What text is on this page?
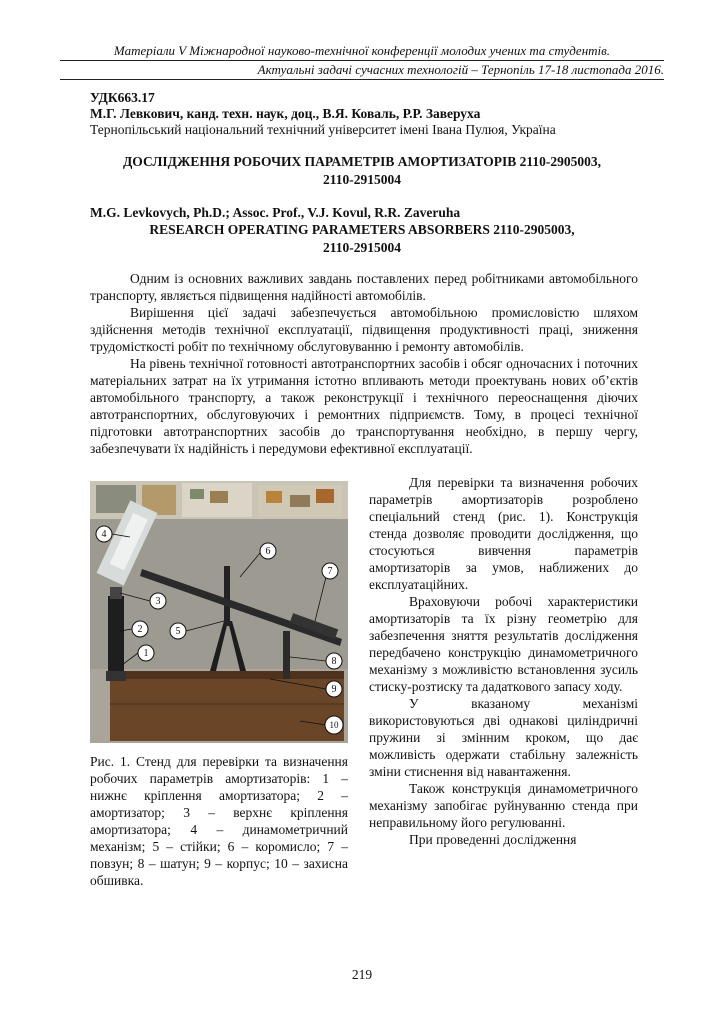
Матеріали V Міжнародної науково-технічної конференції молодих учених та студентів.
Актуальні задачі сучасних технологій – Тернопіль 17-18 листопада 2016.
УДК663.17
М.Г. Левкович, канд. техн. наук, доц., В.Я. Коваль, Р.Р. Заверуха
Тернопільський національний технічний університет імені Івана Пулюя, Україна
ДОСЛІДЖЕННЯ РОБОЧИХ ПАРАМЕТРІВ АМОРТИЗАТОРІВ 2110-2905003,
2110-2915004
M.G. Levkovych, Ph.D.; Assoc. Prof., V.J. Kovul, R.R. Zaveruha
RESEARCH OPERATING PARAMETERS ABSORBERS 2110-2905003,
2110-2915004

Одним із основних важливих завдань поставлених перед робітниками автомобільного транспорту, являється підвищення надійності автомобілів.

Вирішення цієї задачі забезпечується автомобільною промисловістю шляхом здійснення методів технічної експлуатації, підвищення продуктивності праці, зниження трудомісткості робіт по технічному обслуговуванню і ремонту автомобілів.

На рівень технічної готовності автотранспортних засобів і обсяг одночасних і поточних матеріальних затрат на їх утримання істотно впливають методи проектувань нових об’єктів автомобільного транспорту, а також реконструкції і технічного переоснащення діючих автотранспортних, обслуговуючих і ремонтних підприємств. Тому, в процесі технічної підготовки автотранспортних засобів до транспортування необхідно, в першу чергу, забезпечувати їх надійність і передумови ефективної експлуатації.

4
6
7
3
2	5
1
8
9
10
Рис. 1. Стенд для перевірки та визначення робочих параметрів амортизаторів: 1 – нижнє кріплення амортизатора; 2 – амортизатор; 3 – верхнє кріплення амортизатора; 4 – динамометричний механізм; 5 – стійки; 6 – коромисло; 7 – повзун; 8 – шатун; 9 – корпус; 10 – захисна обшивка.

Для перевірки та визначення робочих параметрів амортизаторів розроблено спеціальний стенд (рис. 1). Конструкція стенда дозволяє проводити дослідження, що стосуються вивчення параметрів амортизаторів за умов, наближених до експлуатаційних.

Враховуючи робочі характеристики амортизаторів та їх різну геометрію для забезпечення зняття результатів дослідження передбачено конструкцію динамометричного механізму з можливістю встановлення зусиль стиску-розтиску та дадаткового запасу ходу.

У вказаному механізмі використовуються дві однакові циліндричні пружини зі змінним кроком, що дає можливість одержати стабільну залежність зміни стиснення від навантаження.

Також конструкція динамометричного механізму запобігає руйнуванню стенда при неправильному його регулюванні.

При проведенні дослідження

219
